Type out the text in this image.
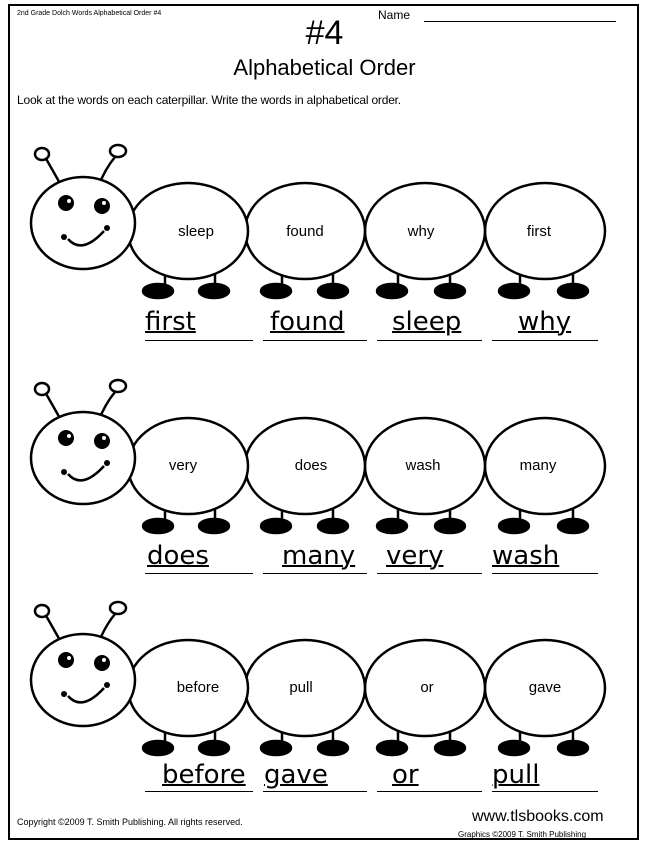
2nd Grade Dolch Words Alphabetical Order #4
#4	Name
Alphabetical Order
Look at the words on each caterpillar. Write the words in alphabetical order.
sleep	found	why	first
first	found sleep why
very	does	wash	many
does	many very wash
before	pull	or	gave
before gave or	pull
Copyright ©2009 T. Smith Publishing. All rights reserved.	www.tlsbooks.com
Graphics ©2009 T. Smith Publishing
